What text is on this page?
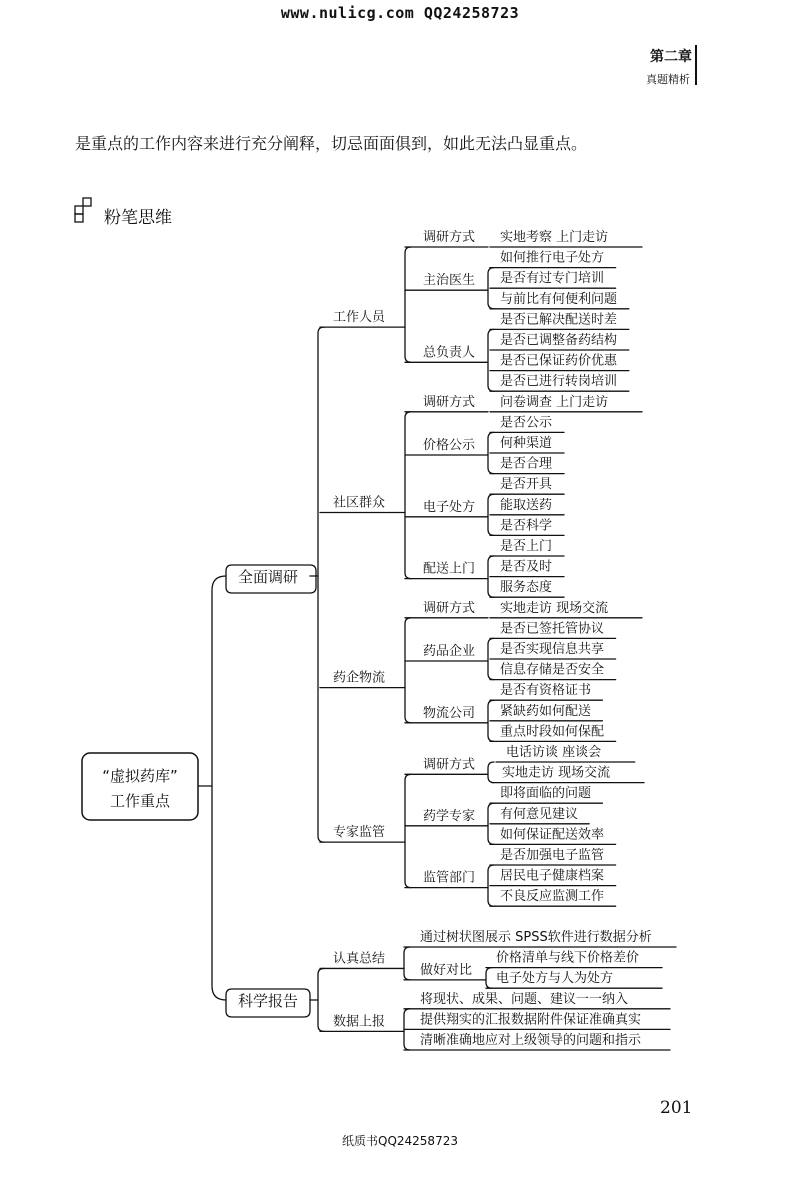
www.nulicg.com QQ24258723
第二章
真题精析
是重点的工作内容来进行充分阐释，切忌面面俱到，如此无法凸显重点。
“虚拟药库”
工作重点
实地考察 上门走访
调研方式
如何推行电子处方
是否有过专门培训
与前比有何便利问题
主治医生
是否已解决配送时差
是否已调整备药结构
是否已保证药价优惠
是否已进行转岗培训
总负责人
工作人员
问卷调查 上门走访
调研方式
是否公示
何种渠道
是否合理
价格公示
是否开具
能取送药
是否科学
电子处方
是否上门
是否及时
服务态度
配送上门
社区群众
实地走访 现场交流
调研方式
是否已签托管协议
是否实现信息共享
信息存储是否安全
药品企业
是否有资格证书
紧缺药如何配送
重点时段如何保配
物流公司
药企物流
电话访谈 座谈会
实地走访 现场交流
调研方式
即将面临的问题
有何意见建议
如何保证配送效率
药学专家
是否加强电子监管
居民电子健康档案
不良反应监测工作
监管部门
专家监管
全面调研
通过树状图展示 SPSS软件进行数据分析
价格清单与线下价格差价
电子处方与人为处方
做好对比
认真总结
将现状、成果、问题、建议一一纳入
提供翔实的汇报数据附件保证准确真实
清晰准确地应对上级领导的问题和指示
数据上报
科学报告
粉笔思维
201
纸质书QQ24258723
